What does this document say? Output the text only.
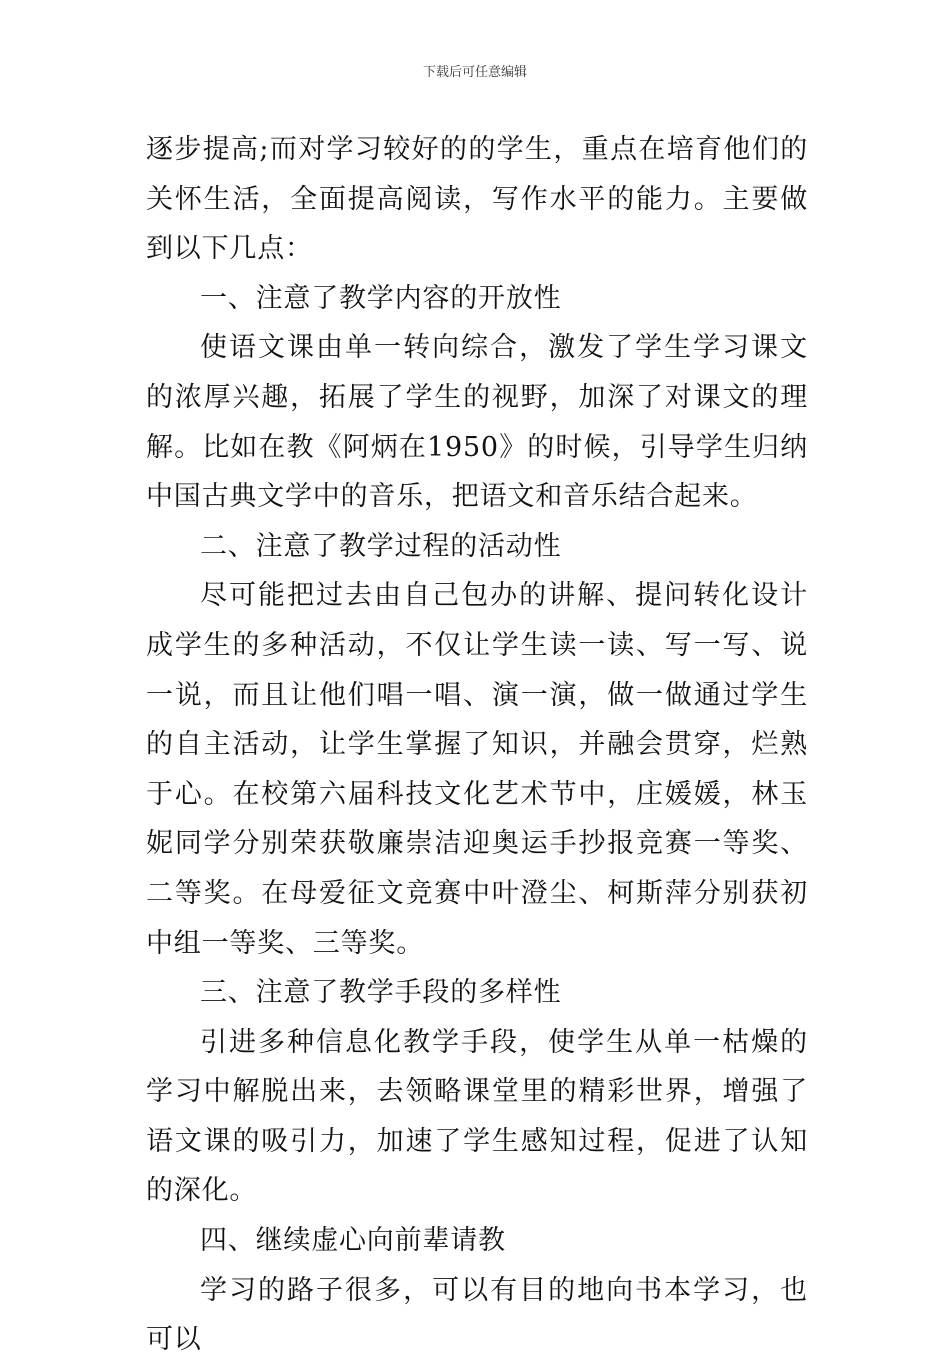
下载后可任意编辑

逐步提高;而对学习较好的的学生，重点在培育他们的关怀生活，全面提高阅读，写作水平的能力。主要做到以下几点：

一、注意了教学内容的开放性

使语文课由单一转向综合，激发了学生学习课文的浓厚兴趣，拓展了学生的视野，加深了对课文的理解。比如在教《阿炳在1950》的时候，引导学生归纳中国古典文学中的音乐，把语文和音乐结合起来。

二、注意了教学过程的活动性

尽可能把过去由自己包办的讲解、提问转化设计成学生的多种活动，不仅让学生读一读、写一写、说一说，而且让他们唱一唱、演一演，做一做通过学生的自主活动，让学生掌握了知识，并融会贯穿，烂熟于心。在校第六届科技文化艺术节中，庄媛媛，林玉妮同学分别荣获敬廉崇洁迎奥运手抄报竞赛一等奖、二等奖。在母爱征文竞赛中叶澄尘、柯斯萍分别获初中组一等奖、三等奖。

三、注意了教学手段的多样性

引进多种信息化教学手段，使学生从单一枯燥的学习中解脱出来，去领略课堂里的精彩世界，增强了语文课的吸引力，加速了学生感知过程，促进了认知的深化。

四、继续虚心向前辈请教

学习的路子很多，可以有目的地向书本学习，也可以
